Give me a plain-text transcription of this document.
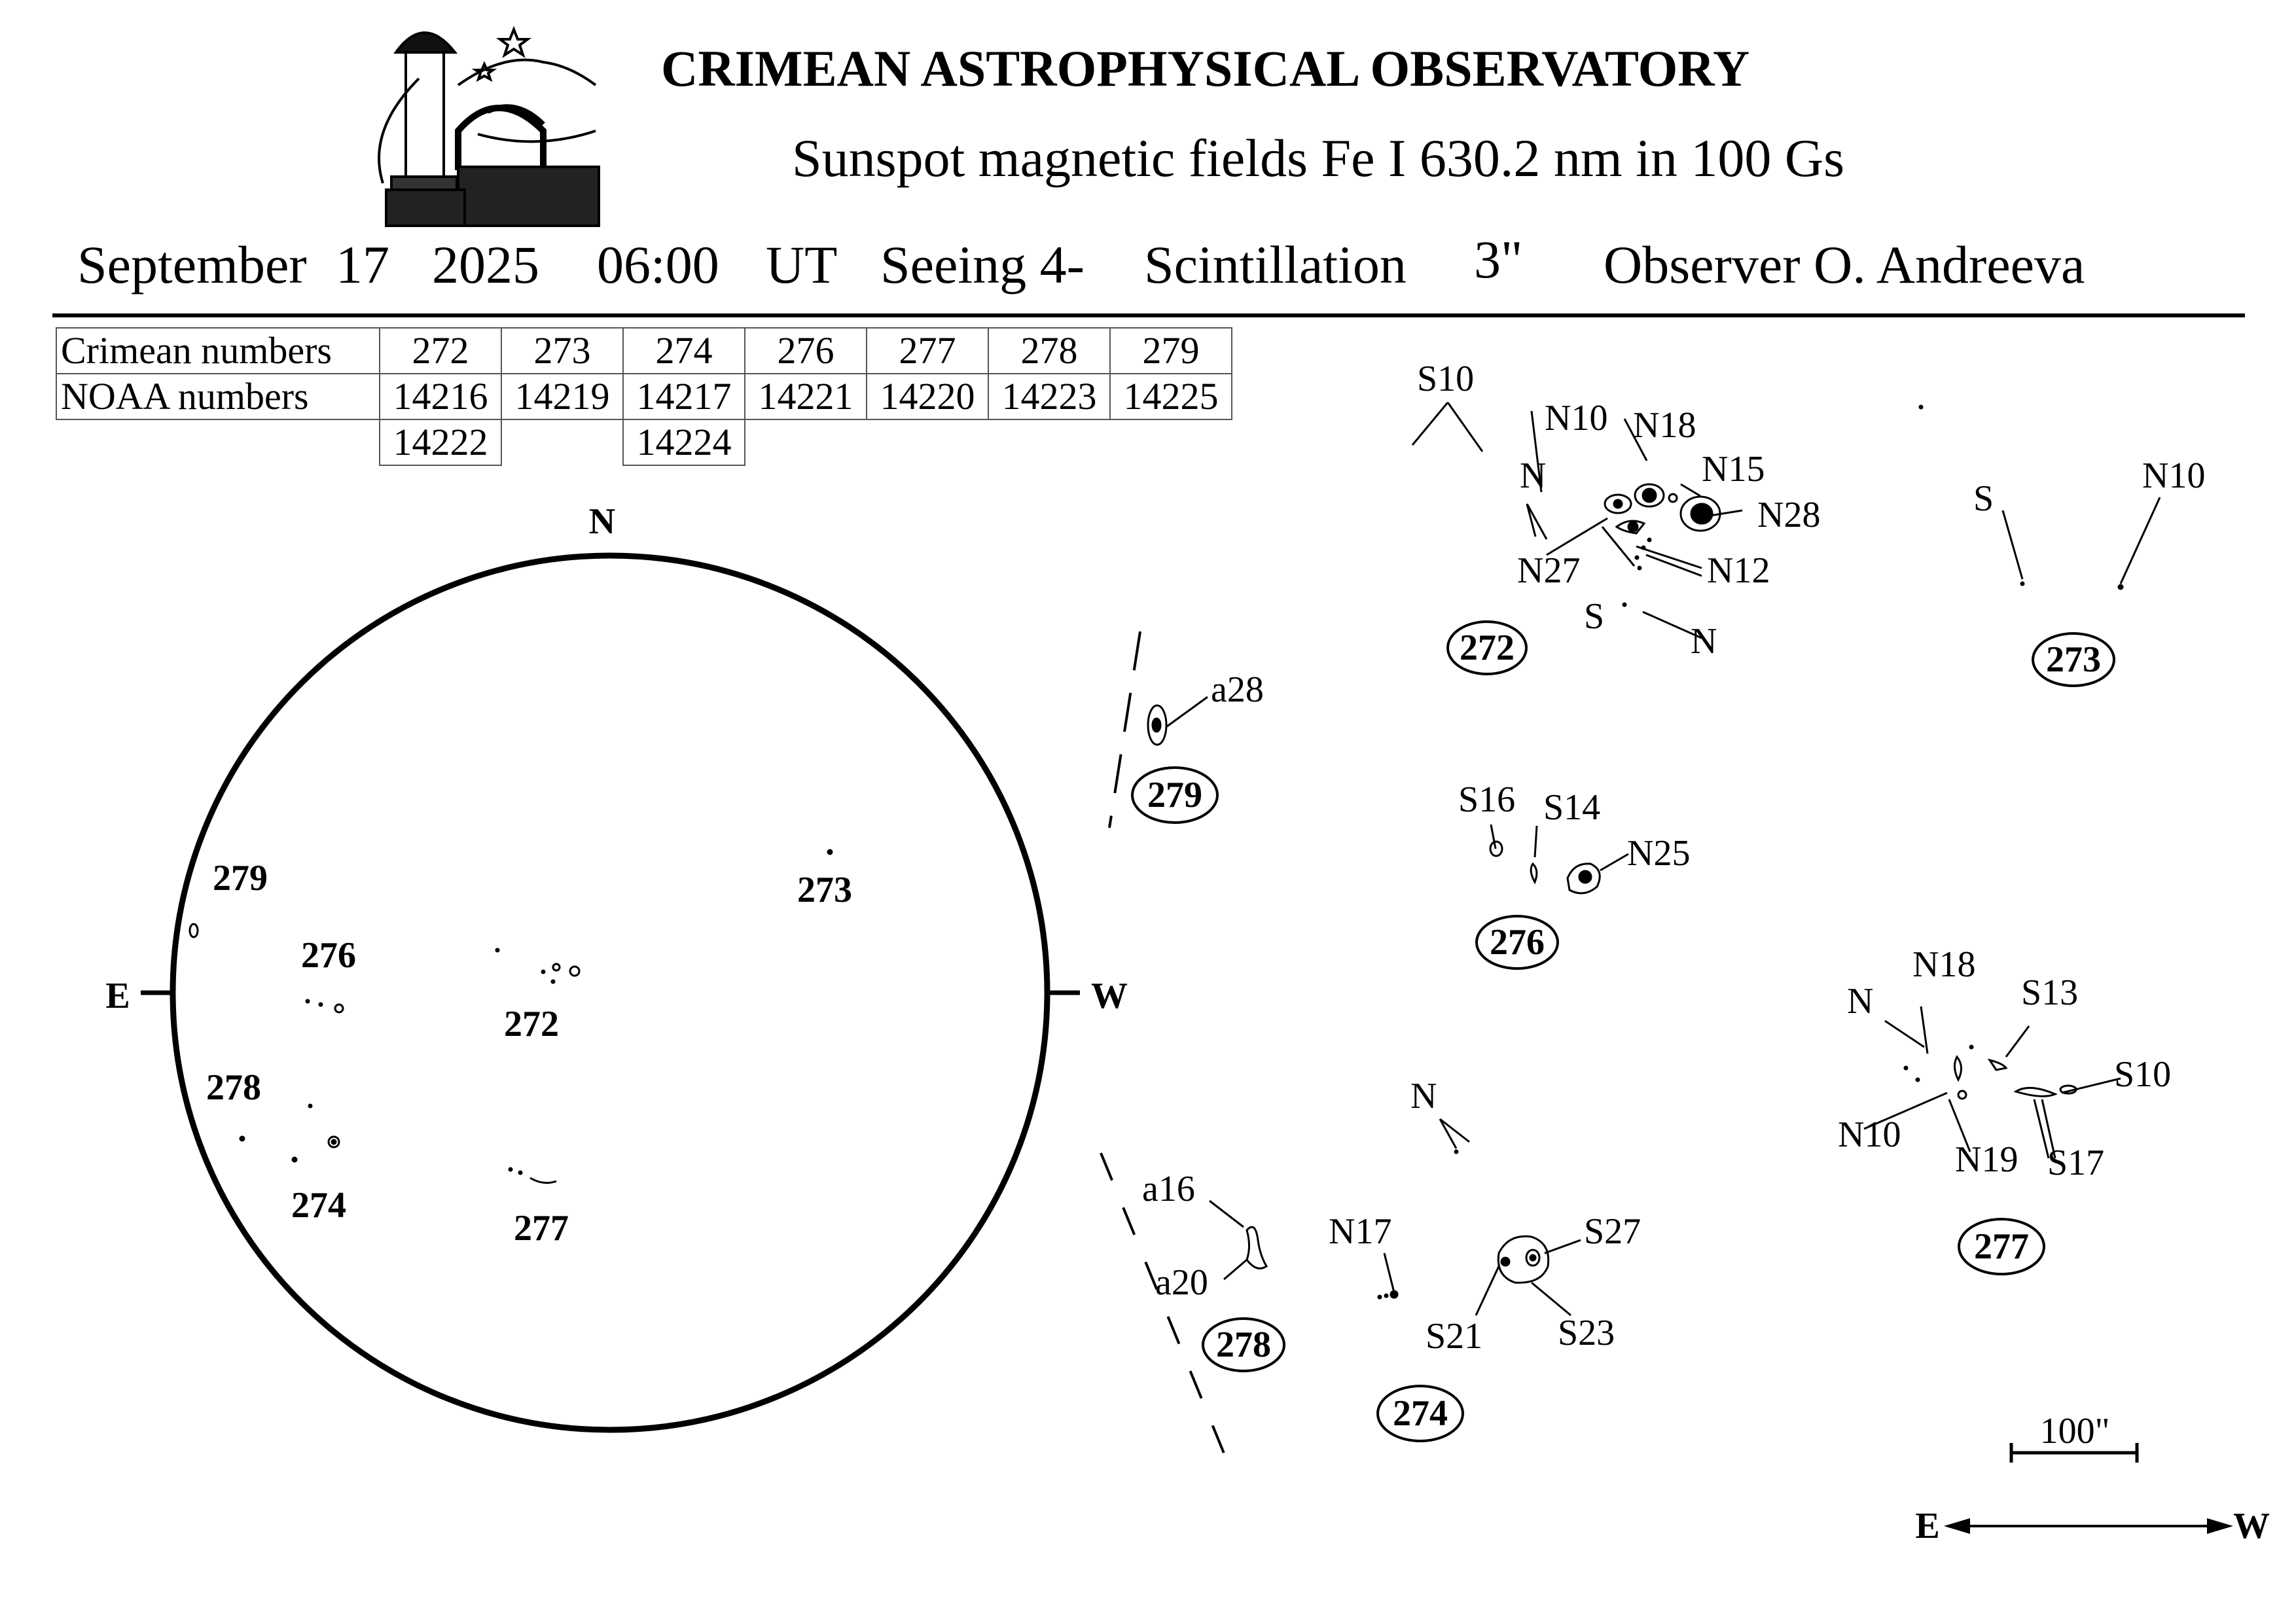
CRIMEAN ASTROPHYSICAL OBSERVATORY
Sunspot magnetic fields Fe I 630.2 nm in 100 Gs
September 17 2025 06:00 UT Seeing 4- Scintillation 3" Observer O. Andreeva
Crimean numbers	272	273	274	276	277	278	279
NOAA numbers	14216	14219	14217	14221	14220	14223	14225
	14222		14224				
N
E	W
279
276
278
274
272
277
273
S10
N10 N18
N15
N
N28
N27	N12
S
N
272
S
N10
273
a28
279	S16 S14
N25
276
N18
S13
N
S10
N10
N19 S17
277
a16
a20
278
N
N17	S27
S21 S23
274	100"
E	W
